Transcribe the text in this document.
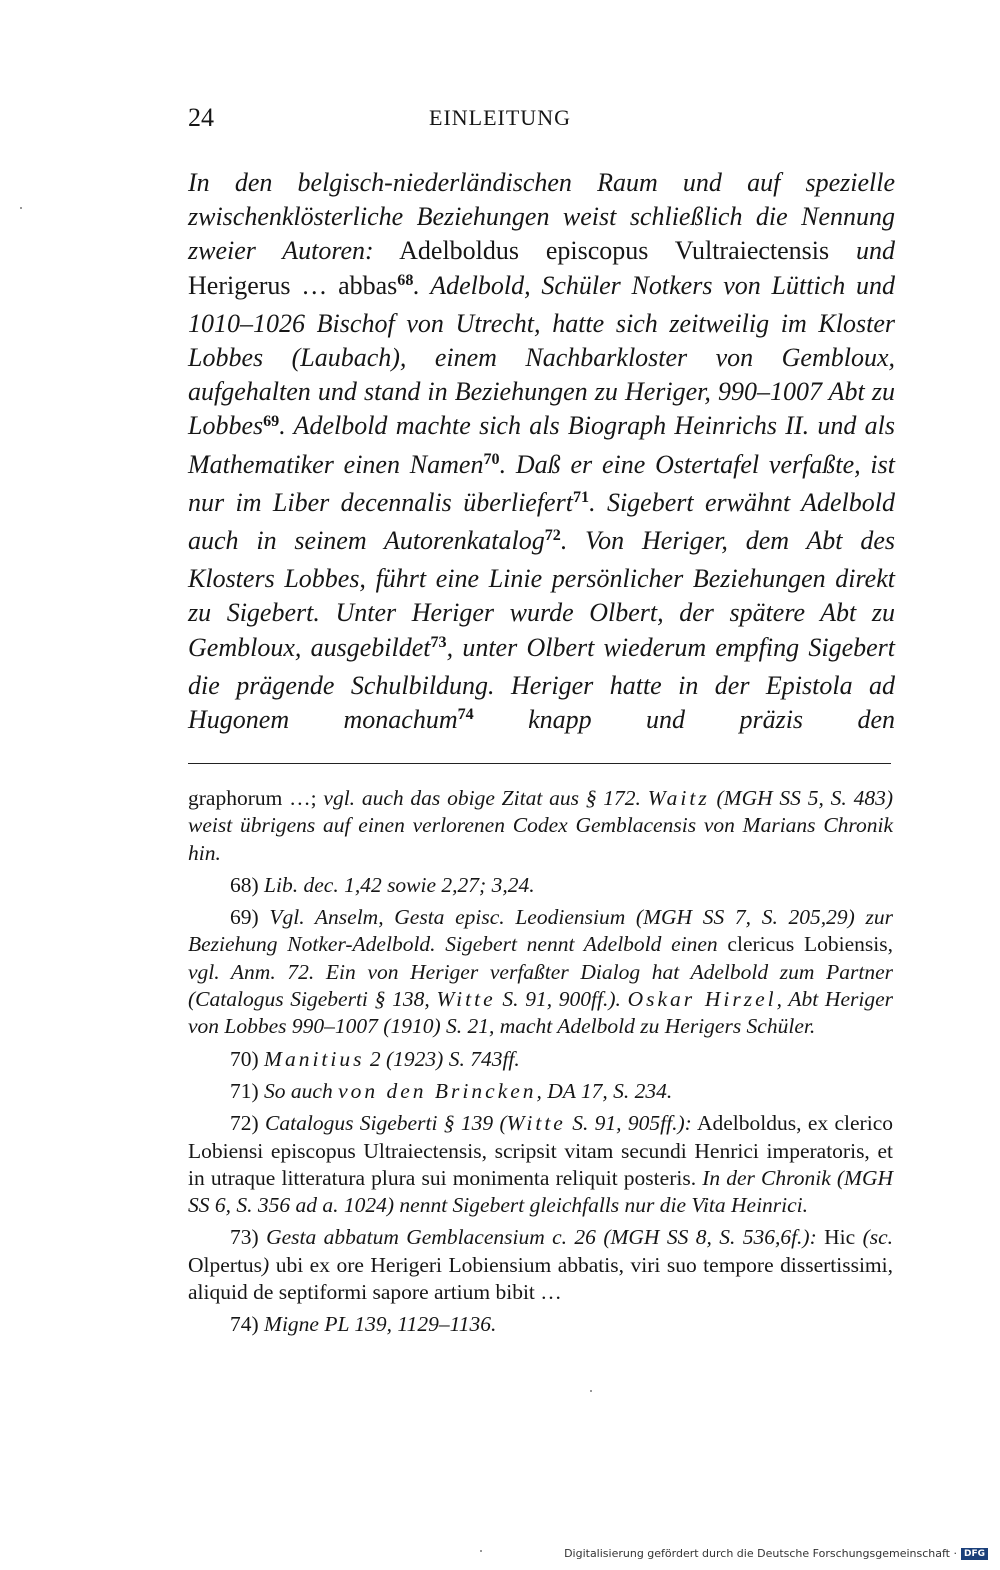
24	EINLEITUNG

In den belgisch-niederländischen Raum und auf spezielle zwischenklösterliche Beziehungen weist schließlich die Nennung zweier Autoren: Adelboldus episcopus Vultraiectensis und Herigerus … abbas$^{68}$. Adelbold, Schüler Notkers von Lüttich und 1010–1026 Bischof von Utrecht, hatte sich zeitweilig im Kloster Lobbes (Laubach), einem Nachbarkloster von Gembloux, aufgehalten und stand in Beziehungen zu Heriger, 990–1007 Abt zu Lobbes$^{69}$. Adelbold machte sich als Biograph Heinrichs II. und als Mathematiker einen Namen$^{70}$. Daß er eine Ostertafel verfaßte, ist nur im Liber decennalis überliefert$^{71}$. Sigebert erwähnt Adelbold auch in seinem Autorenkatalog$^{72}$. Von Heriger, dem Abt des Klosters Lobbes, führt eine Linie persönlicher Beziehungen direkt zu Sigebert. Unter Heriger wurde Olbert, der spätere Abt zu Gembloux, ausgebildet$^{73}$, unter Olbert wiederum empfing Sigebert die prägende Schulbildung. Heriger hatte in der Epistola ad Hugonem monachum$^{74}$ knapp und präzis den

graphorum …; vgl. auch das obige Zitat aus § 172. Waitz (MGH SS 5, S. 483) weist übrigens auf einen verlorenen Codex Gemblacensis von Marians Chronik hin.
68) Lib. dec. 1,42 sowie 2,27; 3,24.
69) Vgl. Anselm, Gesta episc. Leodiensium (MGH SS 7, S. 205,29) zur Beziehung Notker-Adelbold. Sigebert nennt Adelbold einen clericus Lobiensis, vgl. Anm. 72. Ein von Heriger verfaßter Dialog hat Adelbold zum Partner (Catalogus Sigeberti § 138, Witte S. 91, 900ff.). Oskar Hirzel, Abt Heriger von Lobbes 990–1007 (1910) S. 21, macht Adelbold zu Herigers Schüler.
70) Manitius 2 (1923) S. 743ff.
71) So auch von den Brincken, DA 17, S. 234.
72) Catalogus Sigeberti § 139 (Witte S. 91, 905ff.): Adelboldus, ex clerico Lobiensi episcopus Ultraiectensis, scripsit vitam secundi Henrici imperatoris, et in utraque litteratura plura sui monimenta reliquit posteris. In der Chronik (MGH SS 6, S. 356 ad a. 1024) nennt Sigebert gleichfalls nur die Vita Heinrici.
73) Gesta abbatum Gemblacensium c. 26 (MGH SS 8, S. 536,6f.): Hic (sc. Olpertus) ubi ex ore Herigeri Lobiensium abbatis, viri suo tempore dissertissimi, aliquid de septiformi sapore artium bibit …
74) Migne PL 139, 1129–1136.
Digitalisierung gefördert durch die Deutsche Forschungsgemeinschaft · DFG
